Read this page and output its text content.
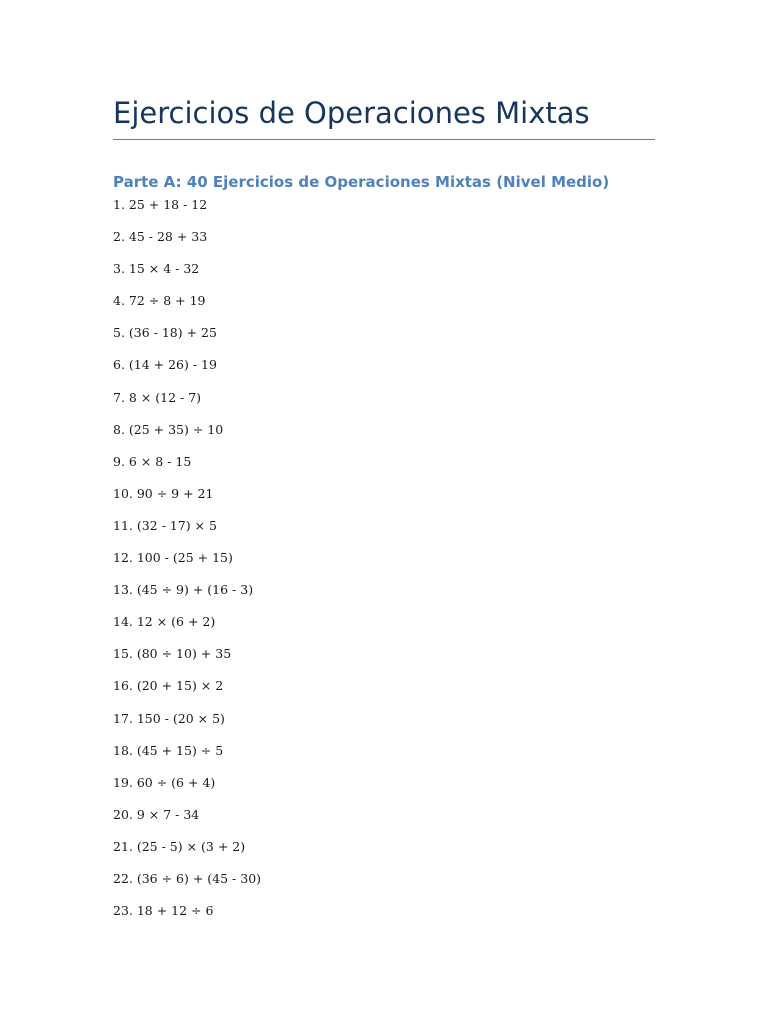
Ejercicios de Operaciones Mixtas
Parte A: 40 Ejercicios de Operaciones Mixtas (Nivel Medio)
1. 25 + 18 - 12
2. 45 - 28 + 33
3. 15 × 4 - 32
4. 72 ÷ 8 + 19
5. (36 - 18) + 25
6. (14 + 26) - 19
7. 8 × (12 - 7)
8. (25 + 35) ÷ 10
9. 6 × 8 - 15
10. 90 ÷ 9 + 21
11. (32 - 17) × 5
12. 100 - (25 + 15)
13. (45 ÷ 9) + (16 - 3)
14. 12 × (6 + 2)
15. (80 ÷ 10) + 35
16. (20 + 15) × 2
17. 150 - (20 × 5)
18. (45 + 15) ÷ 5
19. 60 ÷ (6 + 4)
20. 9 × 7 - 34
21. (25 - 5) × (3 + 2)
22. (36 ÷ 6) + (45 - 30)
23. 18 + 12 ÷ 6
